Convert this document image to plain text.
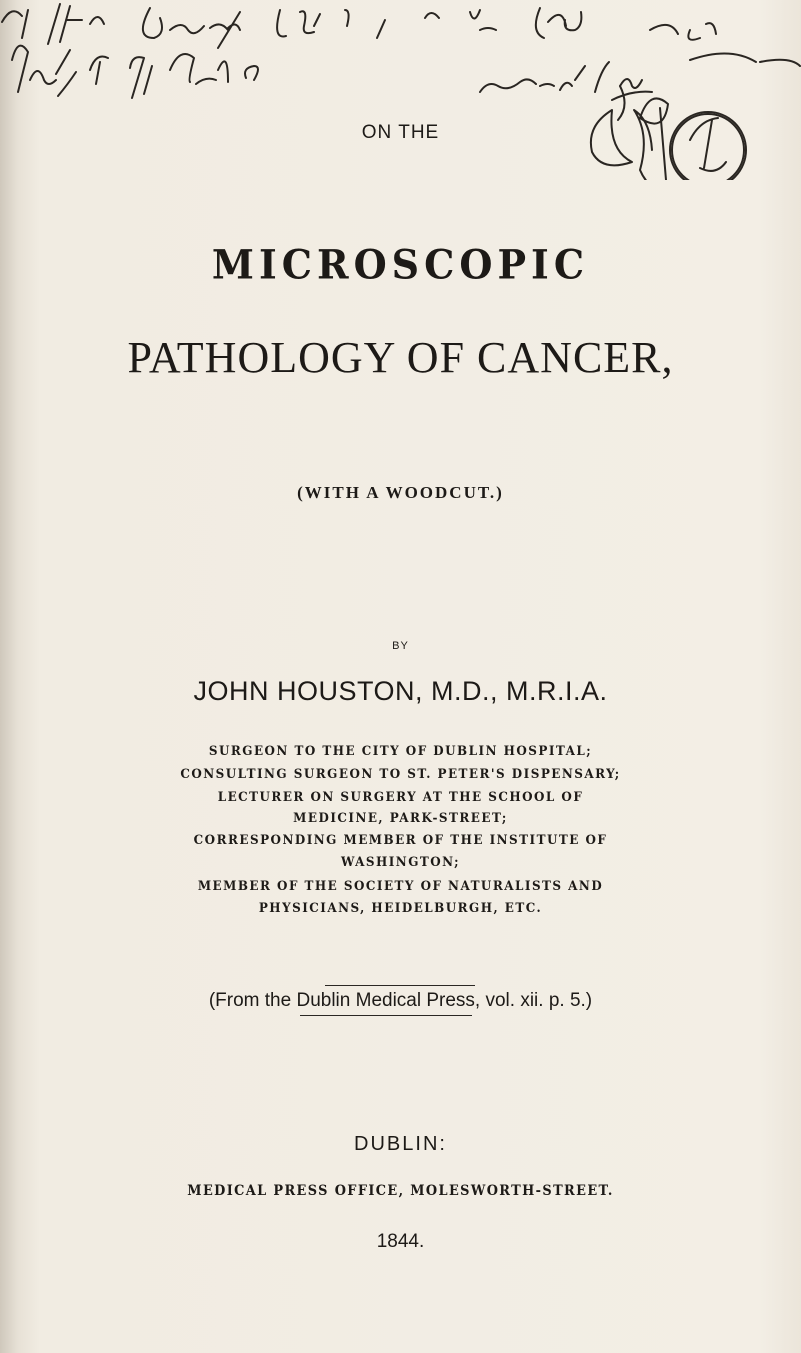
ON THE
MICROSCOPIC
PATHOLOGY OF CANCER,
(WITH A WOODCUT.)
BY
JOHN HOUSTON, M.D., M.R.I.A.
SURGEON TO THE CITY OF DUBLIN HOSPITAL;
CONSULTING SURGEON TO ST. PETER'S DISPENSARY;
LECTURER ON SURGERY AT THE SCHOOL OF
MEDICINE, PARK-STREET;
CORRESPONDING MEMBER OF THE INSTITUTE OF
WASHINGTON;
MEMBER OF THE SOCIETY OF NATURALISTS AND
PHYSICIANS, HEIDELBURGH, ETC.
(From the Dublin Medical Press, vol. xii. p. 5.)
DUBLIN:
MEDICAL PRESS OFFICE, MOLESWORTH-STREET.
1844.
